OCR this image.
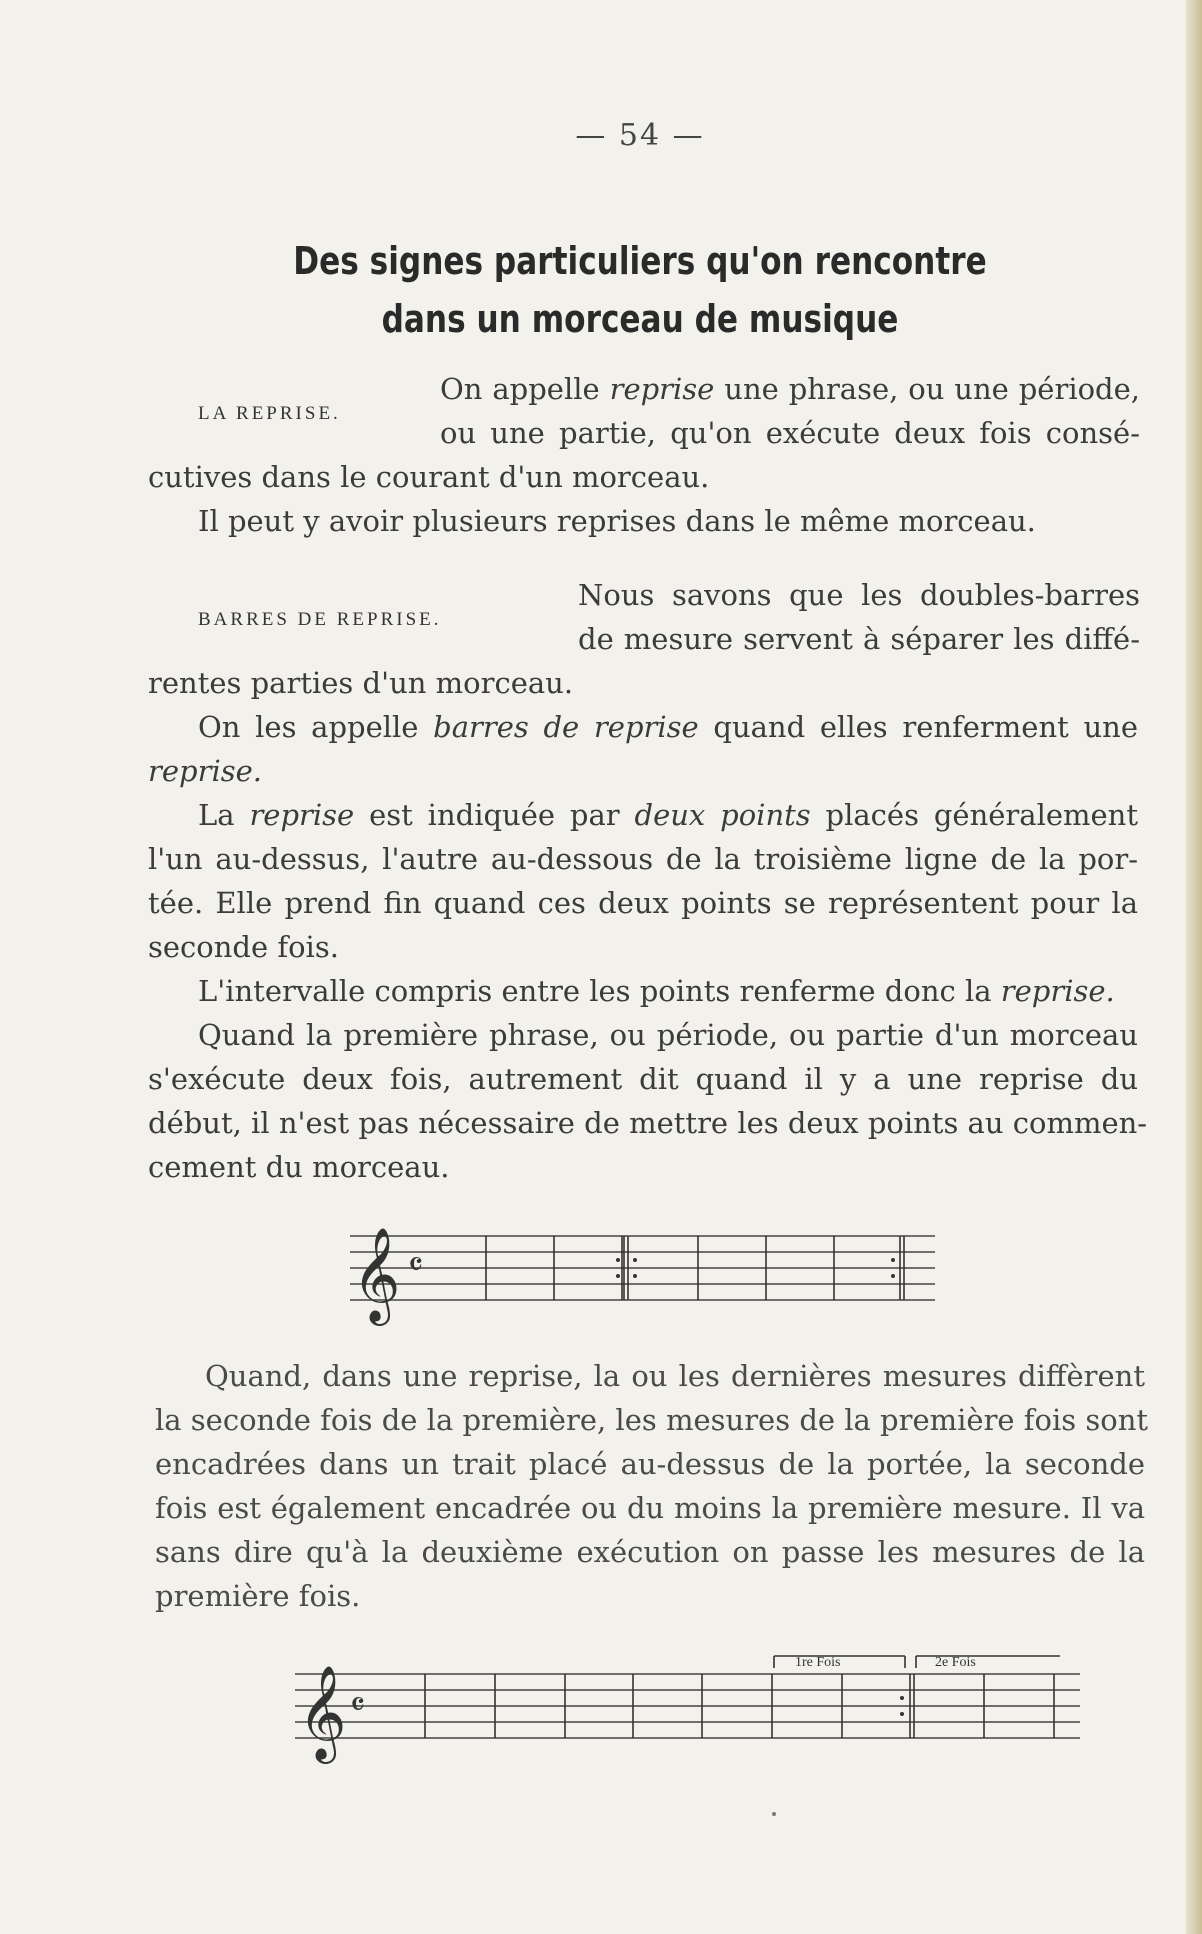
— 54 —
Des signes particuliers qu'on rencontre
dans un morceau de musique
LA REPRISE.
On appelle reprise une phrase, ou une période,
ou une partie, qu'on exécute deux fois consé-
cutives dans le courant d'un morceau.
Il peut y avoir plusieurs reprises dans le même morceau.
BARRES DE REPRISE.
Nous savons que les doubles-barres
de mesure servent à séparer les diffé-
rentes parties d'un morceau.
On les appelle barres de reprise quand elles renferment une
reprise.
La reprise est indiquée par deux points placés généralement
l'un au-dessus, l'autre au-dessous de la troisième ligne de la por-
tée. Elle prend fin quand ces deux points se représentent pour la
seconde fois.
L'intervalle compris entre les points renferme donc la reprise.
Quand la première phrase, ou période, ou partie d'un morceau
s'exécute deux fois, autrement dit quand il y a une reprise du
début, il n'est pas nécessaire de mettre les deux points au commen-
cement du morceau.
𝄞 𝄴
Quand, dans une reprise, la ou les dernières mesures diffèrent
la seconde fois de la première, les mesures de la première fois sont
encadrées dans un trait placé au-dessus de la portée, la seconde
fois est également encadrée ou du moins la première mesure. Il va
sans dire qu'à la deuxième exécution on passe les mesures de la
première fois.
𝄞 𝄴
1re Fois	2e Fois
